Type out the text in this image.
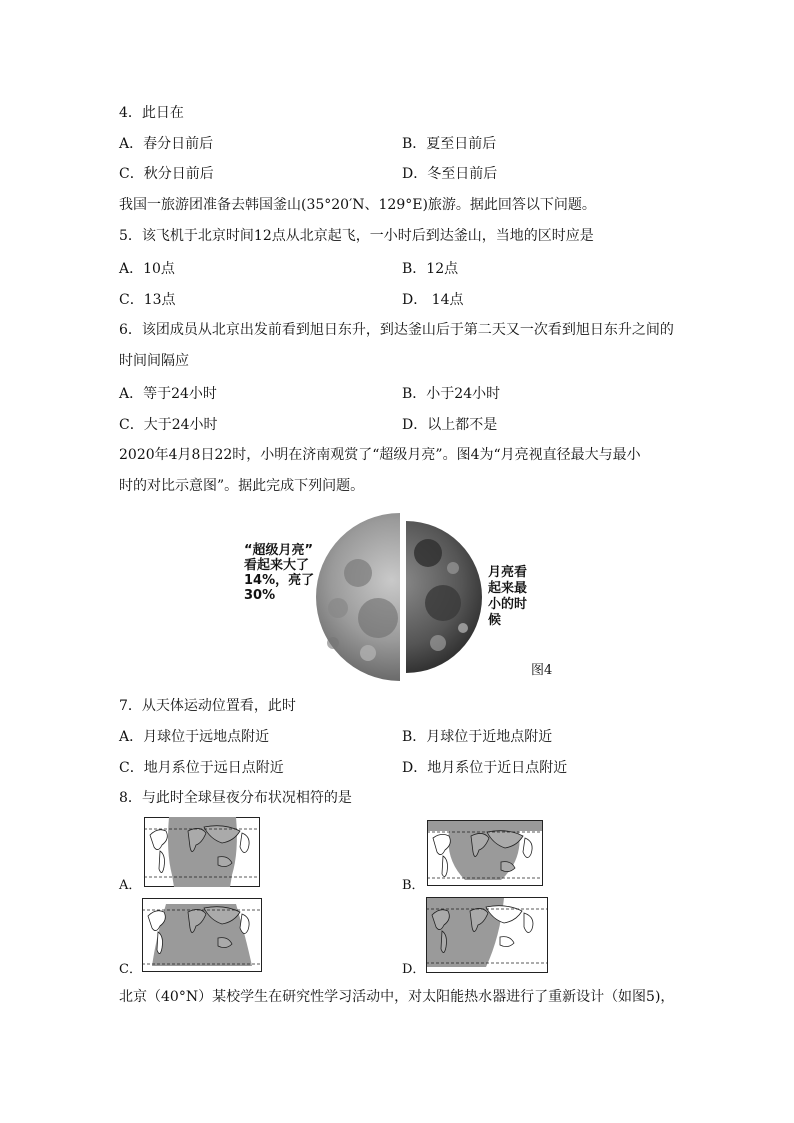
4．此日在
A．春分日前后	B．夏至日前后
C．秋分日前后	D．冬至日前后
我国一旅游团准备去韩国釜山(35°20′N、129°E)旅游。据此回答以下问题。
5．该飞机于北京时间12点从北京起飞，一小时后到达釜山，当地的区时应是
A．10点	B．12点
C．13点	D． 14点
6．该团成员从北京出发前看到旭日东升，到达釜山后于第二天又一次看到旭日东升之间的
时间间隔应
A．等于24小时	B．小于24小时
C．大于24小时	D．以上都不是
2020年4月8日22时，小明在济南观赏了“超级月亮”。图4为“月亮视直径最大与最小
时的对比示意图”。据此完成下列问题。
“超级月亮”
看起来大了
14%，亮了
30%
月亮看
起来最
小的时
候
图4
7．从天体运动位置看，此时
A．月球位于远地点附近	B．月球位于近地点附近
C．地月系位于远日点附近	D．地月系位于近日点附近
8．与此时全球昼夜分布状况相符的是
A．	B．
C．	D．
北京（40°N）某校学生在研究性学习活动中，对太阳能热水器进行了重新设计（如图5)，
